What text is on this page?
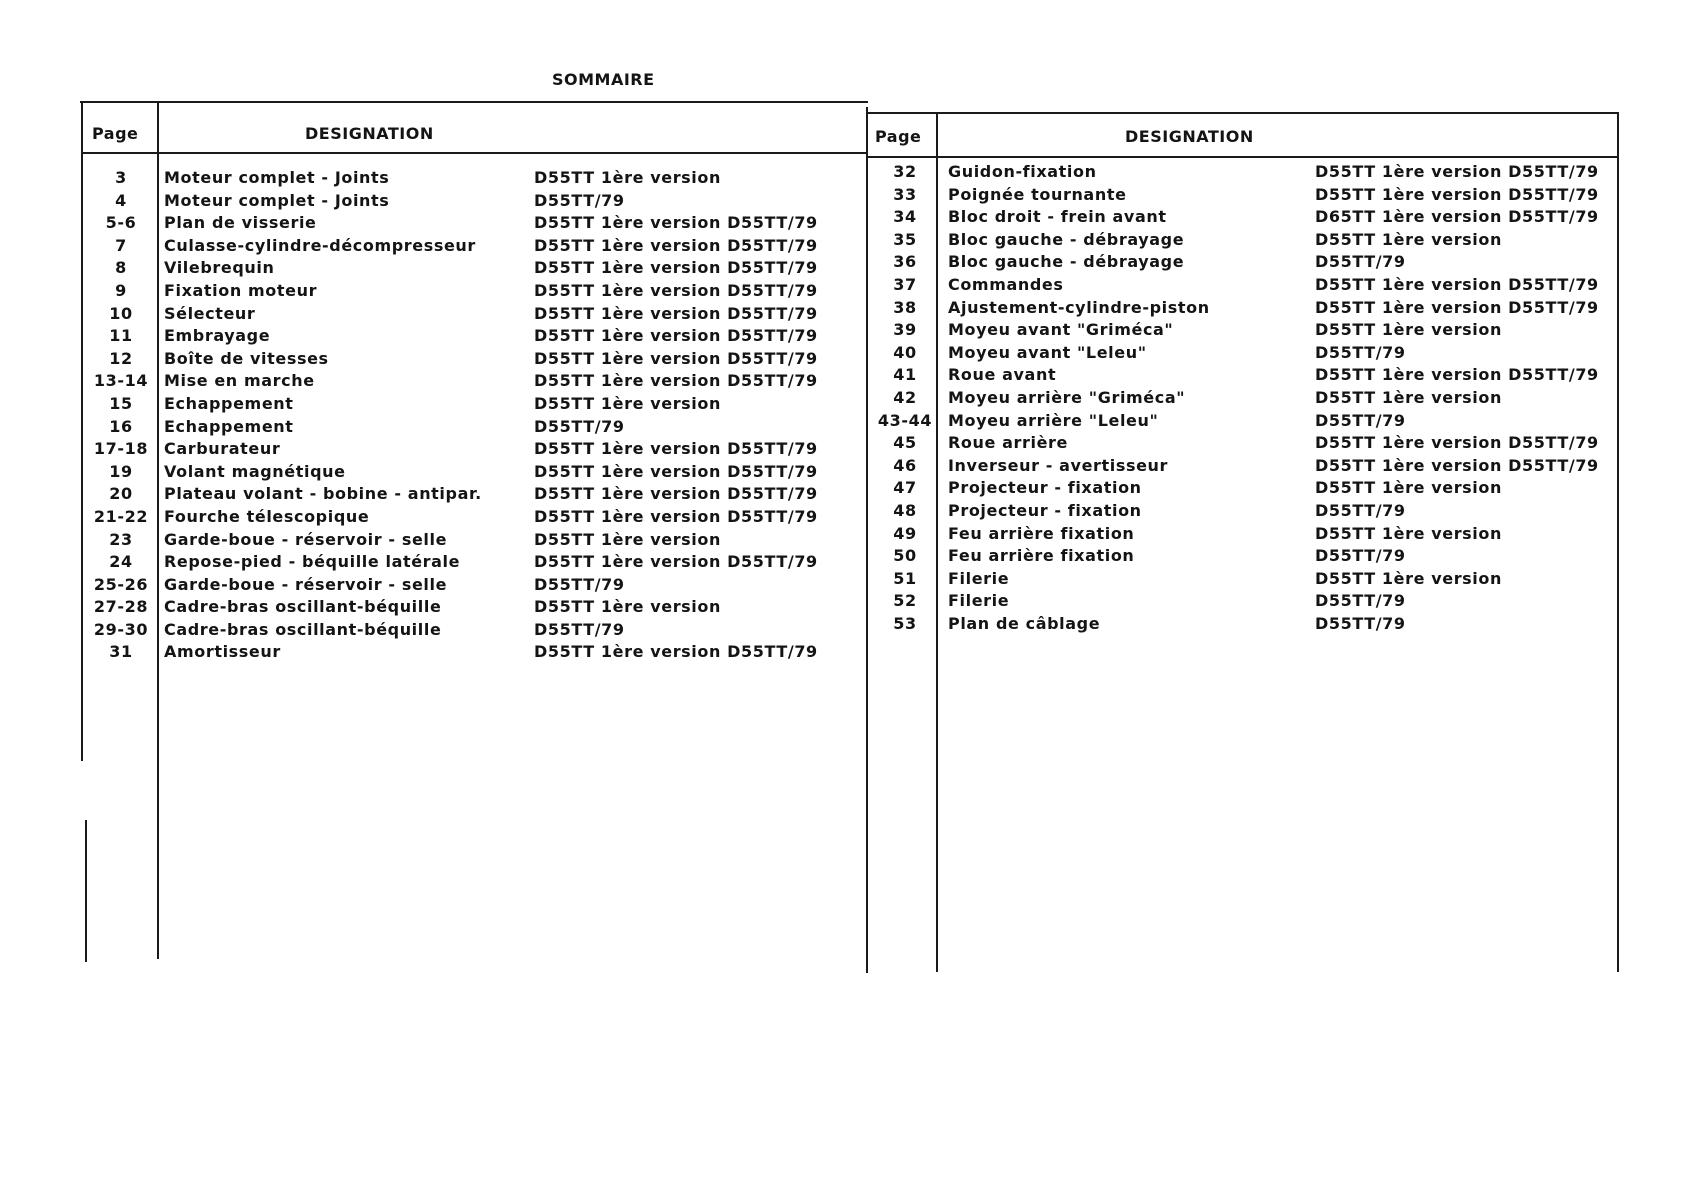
SOMMAIRE
Page	DESIGNATION
3	Moteur complet - Joints	D55TT 1ère version
4	Moteur complet - Joints	D55TT/79
5-6	Plan de visserie	D55TT 1ère version D55TT/79
7	Culasse-cylindre-décompresseur	D55TT 1ère version D55TT/79
8	Vilebrequin	D55TT 1ère version D55TT/79
9	Fixation moteur	D55TT 1ère version D55TT/79
10	Sélecteur	D55TT 1ère version D55TT/79
11	Embrayage	D55TT 1ère version D55TT/79
12	Boîte de vitesses	D55TT 1ère version D55TT/79
13-14 Mise en marche	D55TT 1ère version D55TT/79
15	Echappement	D55TT 1ère version
16	Echappement	D55TT/79
17-18 Carburateur	D55TT 1ère version D55TT/79
19	Volant magnétique	D55TT 1ère version D55TT/79
20	Plateau volant - bobine - antipar.	D55TT 1ère version D55TT/79
21-22 Fourche télescopique	D55TT 1ère version D55TT/79
23	Garde-boue - réservoir - selle	D55TT 1ère version
24	Repose-pied - béquille latérale	D55TT 1ère version D55TT/79
25-26 Garde-boue - réservoir - selle	D55TT/79
27-28 Cadre-bras oscillant-béquille	D55TT 1ère version
29-30 Cadre-bras oscillant-béquille	D55TT/79
31	Amortisseur	D55TT 1ère version D55TT/79
Page	DESIGNATION
32	Guidon-fixation	D55TT 1ère version D55TT/79
33	Poignée tournante	D55TT 1ère version D55TT/79
34	Bloc droit - frein avant	D65TT 1ère version D55TT/79
35	Bloc gauche - débrayage	D55TT 1ère version
36	Bloc gauche - débrayage	D55TT/79
37	Commandes	D55TT 1ère version D55TT/79
38	Ajustement-cylindre-piston	D55TT 1ère version D55TT/79
39	Moyeu avant "Griméca"	D55TT 1ère version
40	Moyeu avant "Leleu"	D55TT/79
41	Roue avant	D55TT 1ère version D55TT/79
42	Moyeu arrière "Griméca"	D55TT 1ère version
43-44 Moyeu arrière "Leleu"	D55TT/79
45	Roue arrière	D55TT 1ère version D55TT/79
46	Inverseur - avertisseur	D55TT 1ère version D55TT/79
47	Projecteur - fixation	D55TT 1ère version
48	Projecteur - fixation	D55TT/79
49	Feu arrière fixation	D55TT 1ère version
50	Feu arrière fixation	D55TT/79
51	Filerie	D55TT 1ère version
52	Filerie	D55TT/79
53	Plan de câblage	D55TT/79
